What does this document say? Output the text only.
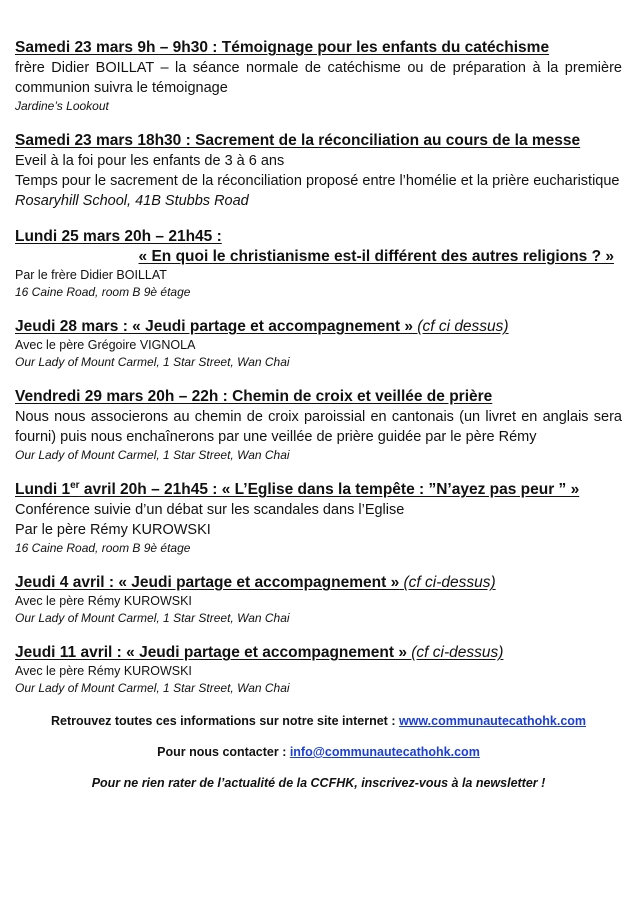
Samedi 23 mars 9h – 9h30 : Témoignage pour les enfants du catéchisme
frère Didier BOILLAT – la séance normale de catéchisme ou de préparation à la première communion suivra le témoignage
Jardine’s Lookout
Samedi 23 mars 18h30 : Sacrement de la réconciliation au cours de la messe
Eveil à la foi pour les enfants de 3 à 6 ans
Temps pour le sacrement de la réconciliation proposé entre l’homélie et la prière eucharistique
Rosaryhill School, 41B Stubbs Road
Lundi 25 mars 20h – 21h45 :
« En quoi le christianisme est-il différent des autres religions ? »
Par le frère Didier BOILLAT
16 Caine Road, room B 9è étage
Jeudi 28 mars : « Jeudi partage et accompagnement » (cf ci dessus)
Avec le père Grégoire VIGNOLA
Our Lady of Mount Carmel, 1 Star Street, Wan Chai
Vendredi 29 mars 20h – 22h : Chemin de croix et veillée de prière
Nous nous associerons au chemin de croix paroissial en cantonais (un livret en anglais sera fourni) puis nous enchaînerons par une veillée de prière guidée par le père Rémy
Our Lady of Mount Carmel, 1 Star Street, Wan Chai
Lundi 1er avril 20h – 21h45 : « L’Eglise dans la tempête : ”N’ayez pas peur ” »
Conférence suivie d’un débat sur les scandales dans l’Eglise
Par le père Rémy KUROWSKI
16 Caine Road, room B 9è étage
Jeudi 4 avril : « Jeudi partage et accompagnement » (cf ci-dessus)
Avec le père Rémy KUROWSKI
Our Lady of Mount Carmel, 1 Star Street, Wan Chai
Jeudi 11 avril : « Jeudi partage et accompagnement » (cf ci-dessus)
Avec le père Rémy KUROWSKI
Our Lady of Mount Carmel, 1 Star Street, Wan Chai
Retrouvez toutes ces informations sur notre site internet : www.communautecathohk.com
Pour nous contacter : info@communautecathohk.com
Pour ne rien rater de l’actualité de la CCFHK, inscrivez-vous à la newsletter !
